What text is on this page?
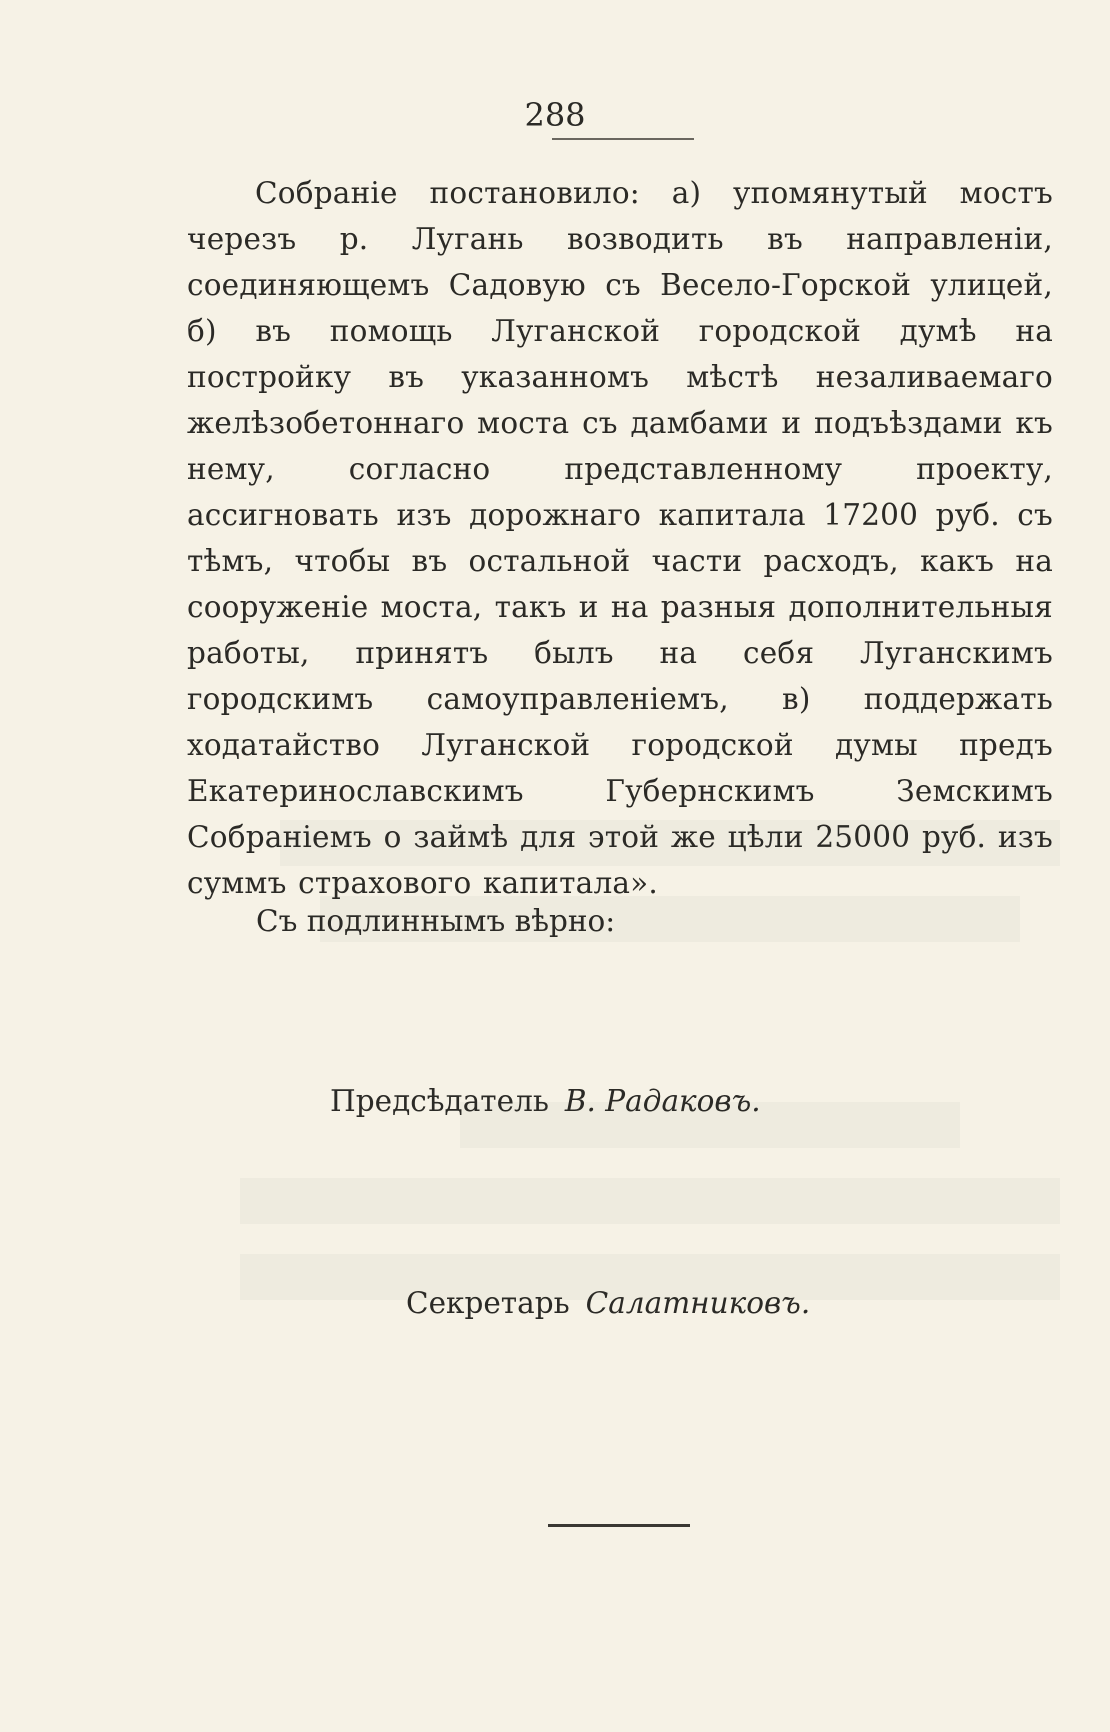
288

Собраніе постановило: а) упомянутый мостъ черезъ р. Лугань возводить въ направленіи, соединяющемъ Садовую съ Весело-Горской улицей, б) въ помощь Луганской городской думѣ на постройку въ указанномъ мѣстѣ незаливаемаго желѣзобетоннаго моста съ дамбами и подъѣздами къ нему, согласно представленному проекту, ассигновать изъ дорожнаго капитала 17200 руб. съ тѣмъ, чтобы въ остальной части расходъ, какъ на сооруженіе моста, такъ и на разныя дополнительныя работы, принятъ былъ на себя Луганскимъ городскимъ самоуправленіемъ, в) поддержать ходатайство Луганской городской думы предъ Екатеринославскимъ Губернскимъ Земскимъ Собраніемъ о займѣ для этой же цѣли 25000 руб. изъ суммъ страхового капитала».

Съ подлиннымъ вѣрно:
Предсѣдатель В. Радаковъ.
Секретарь Салатниковъ.
